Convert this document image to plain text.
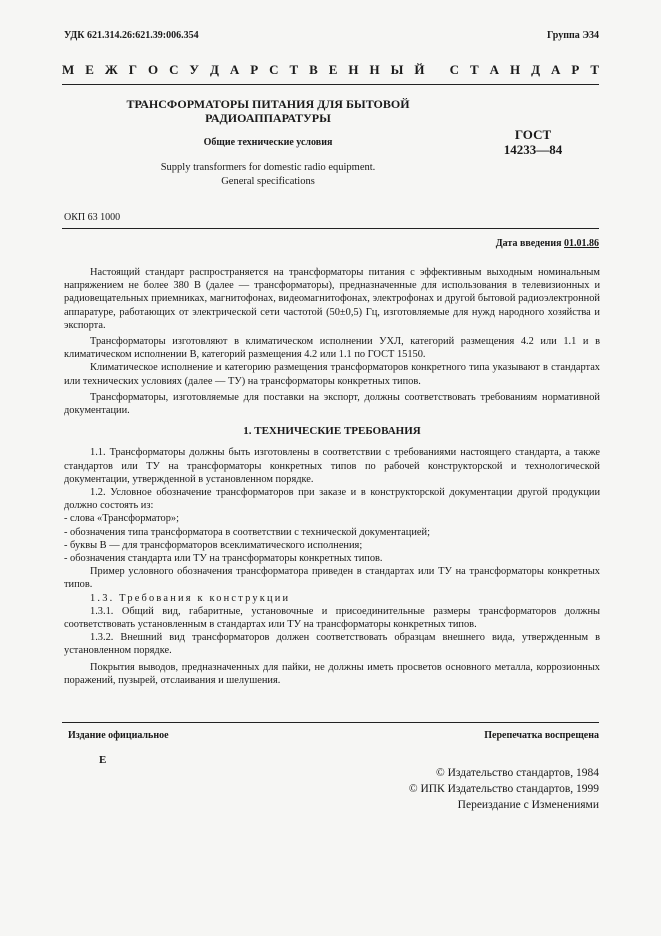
УДК 621.314.26:621.39:006.354	Группа Э34
М Е Ж Г О С У Д А Р С Т В Е Н Н Ы Й
С Т А Н Д А Р Т
ТРАНСФОРМАТОРЫ ПИТАНИЯ ДЛЯ БЫТОВОЙ
РАДИОАППАРАТУРЫ
Общие технические условия
Supply transformers for domestic radio equipment.
General specifications
ГОСТ
14233—84
ОКП 63 1000
Дата введения 01.01.86

Настоящий стандарт распространяется на трансформаторы питания с эффективным выходным номинальным напряжением не более 380 В (далее — трансформаторы), предназначенные для использования в телевизионных и радиовещательных приемниках, магнитофонах, видеомагнитофонах, электрофонах и другой бытовой радиоэлектронной аппаратуре, работающих от электрической сети частотой (50±0,5) Гц, изготовляемые для нужд народного хозяйства и экспорта.

Трансформаторы изготовляют в климатическом исполнении УХЛ, категорий размещения 4.2 или 1.1 и в климатическом исполнении В, категорий размещения 4.2 или 1.1 по ГОСТ 15150.

Климатическое исполнение и категорию размещения трансформаторов конкретного типа указывают в стандартах или технических условиях (далее — ТУ) на трансформаторы конкретных типов.

Трансформаторы, изготовляемые для поставки на экспорт, должны соответствовать требованиям нормативной документации.

1. ТЕХНИЧЕСКИЕ ТРЕБОВАНИЯ

1.1. Трансформаторы должны быть изготовлены в соответствии с требованиями настоящего стандарта, а также стандартов или ТУ на трансформаторы конкретных типов по рабочей конструкторской и технологической документации, утвержденной в установленном порядке.

1.2. Условное обозначение трансформаторов при заказе и в конструкторской документации другой продукции должно состоять из:

- слова «Трансформатор»;

- обозначения типа трансформатора в соответствии с технической документацией;

- буквы В — для трансформаторов всеклиматического исполнения;

- обозначения стандарта или ТУ на трансформаторы конкретных типов.

Пример условного обозначения трансформатора приведен в стандартах или ТУ на трансформаторы конкретных типов.

1.3. Требования к конструкции

1.3.1. Общий вид, габаритные, установочные и присоединительные размеры трансформаторов должны соответствовать установленным в стандартах или ТУ на трансформаторы конкретных типов.

1.3.2. Внешний вид трансформаторов должен соответствовать образцам внешнего вида, утвержденным в установленном порядке.

Покрытия выводов, предназначенных для пайки, не должны иметь просветов основного металла, коррозионных поражений, пузырей, отслаивания и шелушения.

Издание официальное	Перепечатка воспрещена
Е
© Издательство стандартов, 1984
© ИПК Издательство стандартов, 1999
Переиздание с Изменениями
